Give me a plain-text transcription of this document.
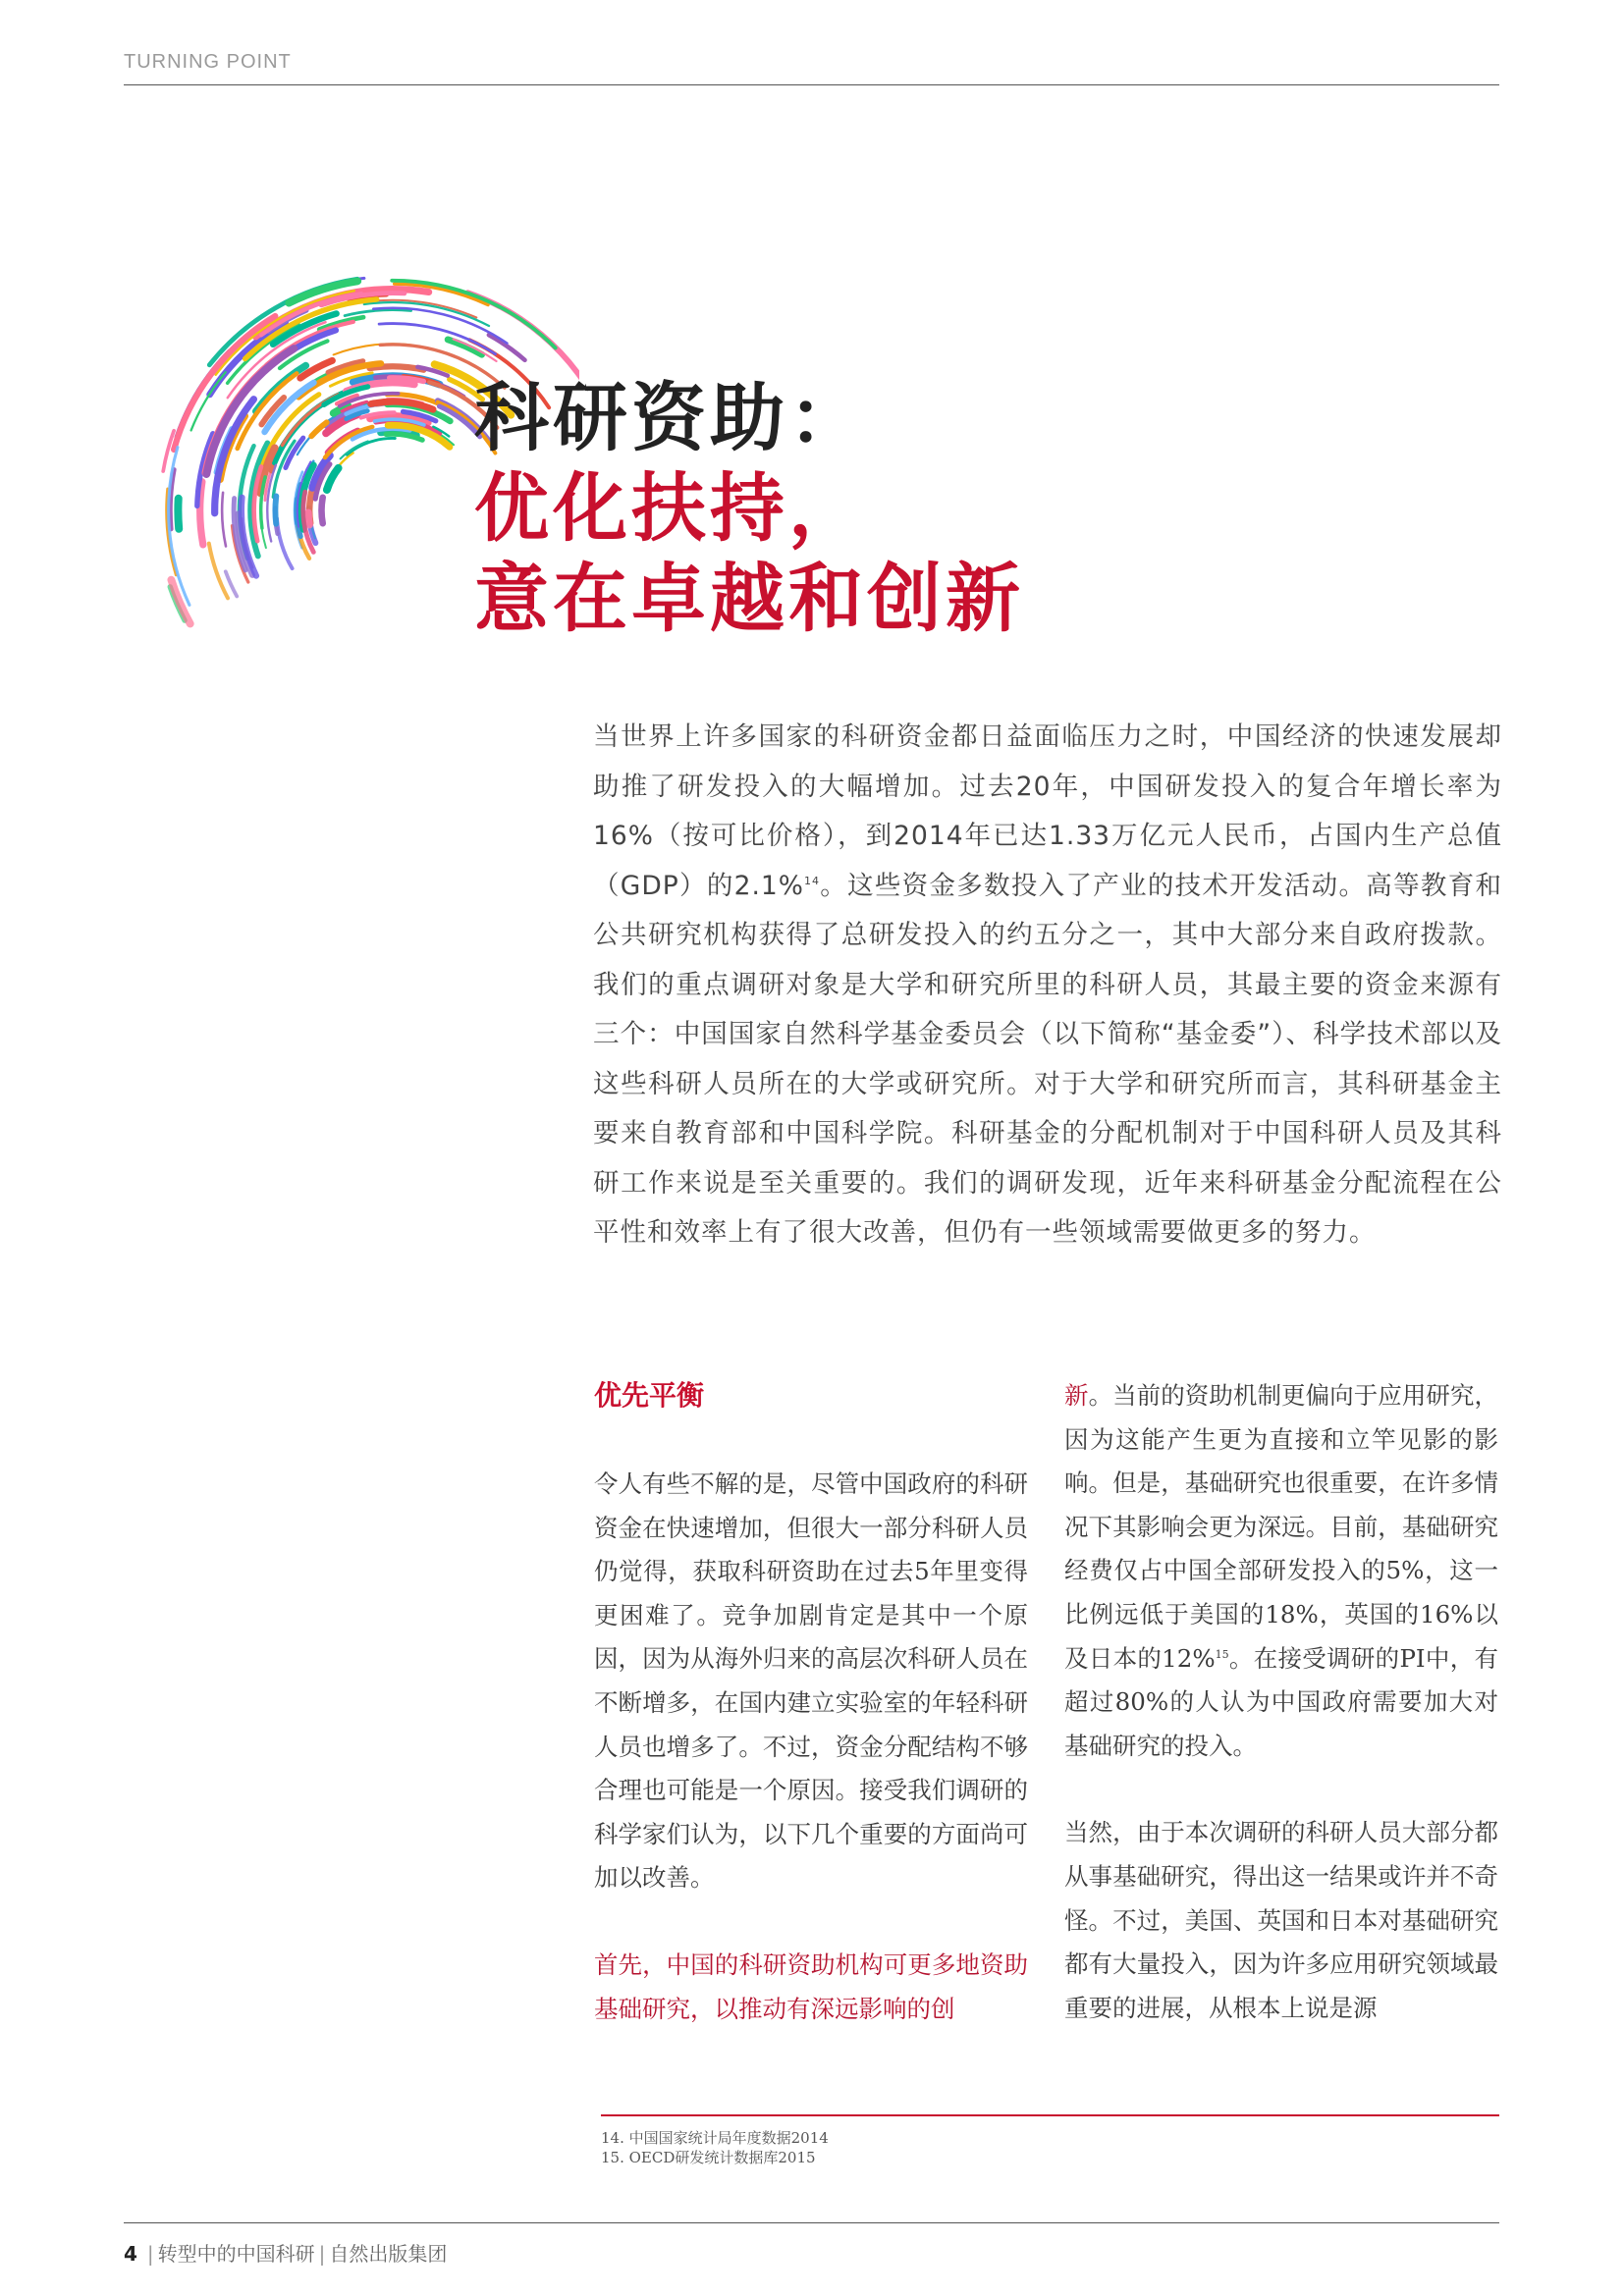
TURNING POINT
科研资助：
优化扶持，
意在卓越和创新

当世界上许多国家的科研资金都日益面临压力之时，中国经济的快速发展却助推了研发投入的大幅增加。过去20年，中国研发投入的复合年增长率为16%（按可比价格），到2014年已达1.33万亿元人民币，占国内生产总值（GDP）的2.1%$^{14}$。这些资金多数投入了产业的技术开发活动。高等教育和公共研究机构获得了总研发投入的约五分之一，其中大部分来自政府拨款。我们的重点调研对象是大学和研究所里的科研人员，其最主要的资金来源有三个：中国国家自然科学基金委员会（以下简称“基金委”）、科学技术部以及这些科研人员所在的大学或研究所。对于大学和研究所而言，其科研基金主要来自教育部和中国科学院。科研基金的分配机制对于中国科研人员及其科研工作来说是至关重要的。我们的调研发现，近年来科研基金分配流程在公平性和效率上有了很大改善，但仍有一些领域需要做更多的努力。

优先平衡

令人有些不解的是，尽管中国政府的科研资金在快速增加，但很大一部分科研人员仍觉得，获取科研资助在过去5年里变得更困难了。竞争加剧肯定是其中一个原因，因为从海外归来的高层次科研人员在不断增多，在国内建立实验室的年轻科研人员也增多了。不过，资金分配结构不够合理也可能是一个原因。接受我们调研的科学家们认为，以下几个重要的方面尚可加以改善。

首先，中国的科研资助机构可更多地资助基础研究，以推动有深远影响的创

新。当前的资助机制更偏向于应用研究，因为这能产生更为直接和立竿见影的影响。但是，基础研究也很重要，在许多情况下其影响会更为深远。目前，基础研究经费仅占中国全部研发投入的5%，这一比例远低于美国的18%，英国的16%以及日本的12%$^{15}$。在接受调研的PI中，有超过80%的人认为中国政府需要加大对基础研究的投入。

当然，由于本次调研的科研人员大部分都从事基础研究，得出这一结果或许并不奇怪。不过，美国、英国和日本对基础研究都有大量投入，因为许多应用研究领域最重要的进展，从根本上说是源

14. 中国国家统计局年度数据2014
15. OECD研发统计数据库2015
4 | 转型中的中国科研 | 自然出版集团
